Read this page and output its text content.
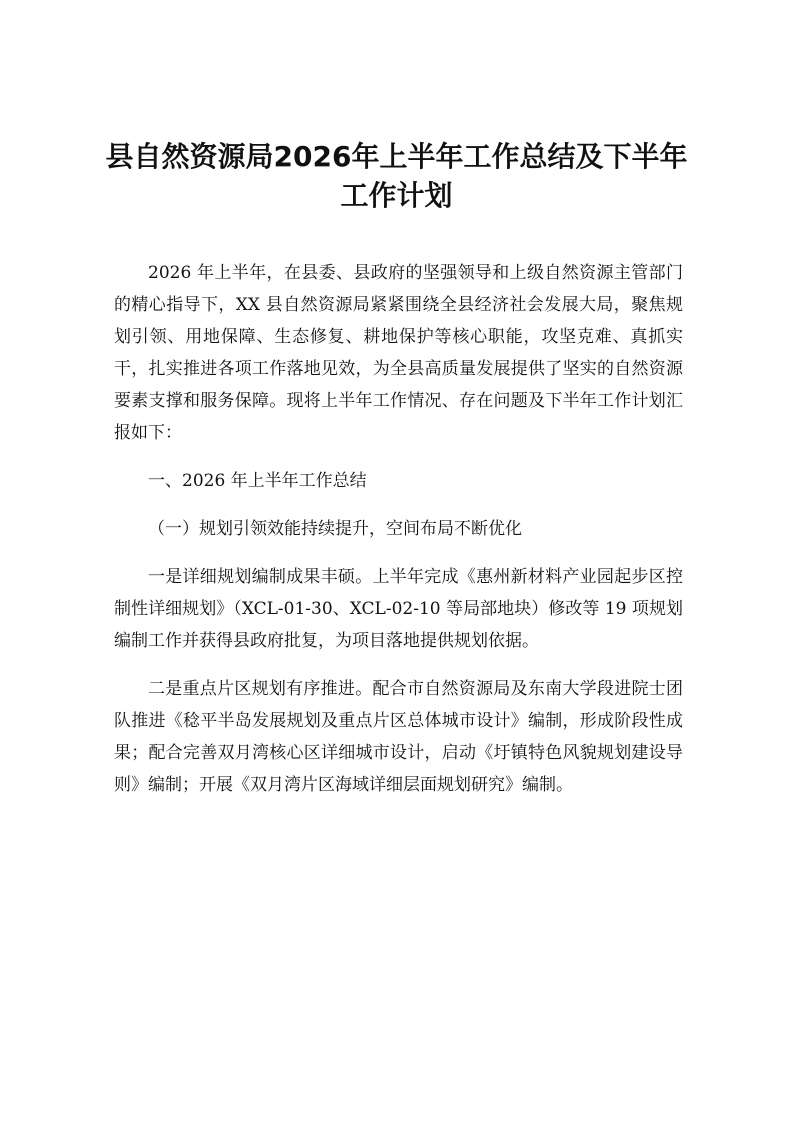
县自然资源局2026年上半年工作总结及下半年工作计划

2026 年上半年，在县委、县政府的坚强领导和上级自然资源主管部门的精心指导下，XX 县自然资源局紧紧围绕全县经济社会发展大局，聚焦规划引领、用地保障、生态修复、耕地保护等核心职能，攻坚克难、真抓实干，扎实推进各项工作落地见效，为全县高质量发展提供了坚实的自然资源要素支撑和服务保障。现将上半年工作情况、存在问题及下半年工作计划汇报如下：

一、2026 年上半年工作总结

（一）规划引领效能持续提升，空间布局不断优化

一是详细规划编制成果丰硕。上半年完成《惠州新材料产业园起步区控制性详细规划》（XCL-01-30、XCL-02-10 等局部地块）修改等 19 项规划编制工作并获得县政府批复，为项目落地提供规划依据。

二是重点片区规划有序推进。配合市自然资源局及东南大学段进院士团队推进《稔平半岛发展规划及重点片区总体城市设计》编制，形成阶段性成果；配合完善双月湾核心区详细城市设计，启动《圩镇特色风貌规划建设导则》编制；开展《双月湾片区海域详细层面规划研究》编制。
